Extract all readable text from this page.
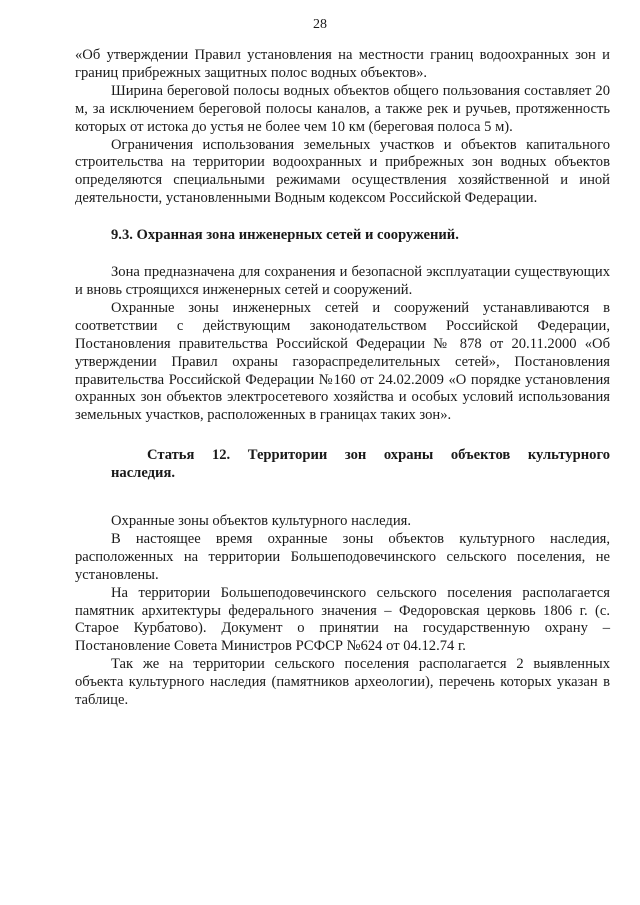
28

«Об утверждении Правил установления на местности границ водоохранных зон и границ прибрежных защитных полос водных объектов».

Ширина береговой полосы водных объектов общего пользования составляет 20 м, за исключением береговой полосы каналов, а также рек и ручьев, протяженность которых от истока до устья не более чем 10 км (береговая полоса 5 м).

Ограничения использования земельных участков и объектов капитального строительства на территории водоохранных и прибрежных зон водных объектов определяются специальными режимами осуществления хозяйственной и иной деятельности, установленными Водным кодексом Российской Федерации.

9.3. Охранная зона инженерных сетей и сооружений.

Зона предназначена для сохранения и безопасной эксплуатации существующих и вновь строящихся инженерных сетей и сооружений.

Охранные зоны инженерных сетей и сооружений устанавливаются в соответствии с действующим законодательством Российской Федерации, Постановления правительства Российской Федерации № 878 от 20.11.2000 «Об утверждении Правил охраны газораспределительных сетей», Постановления правительства Российской Федерации №160 от 24.02.2009 «О порядке установления охранных зон объектов электросетевого хозяйства и особых условий использования земельных участков, расположенных в границах таких зон».

Статья 12. Территории зон охраны объектов культурного наследия.

Охранные зоны объектов культурного наследия.

В настоящее время охранные зоны объектов культурного наследия, расположенных на территории Большеподовечинского сельского поселения, не установлены.

На территории Большеподовечинского сельского поселения располагается памятник архитектуры федерального значения – Федоровская церковь 1806 г. (с. Старое Курбатово). Документ о принятии на государственную охрану – Постановление Совета Министров РСФСР №624 от 04.12.74 г.

Так же на территории сельского поселения располагается 2 выявленных объекта культурного наследия (памятников археологии), перечень которых указан в таблице.
